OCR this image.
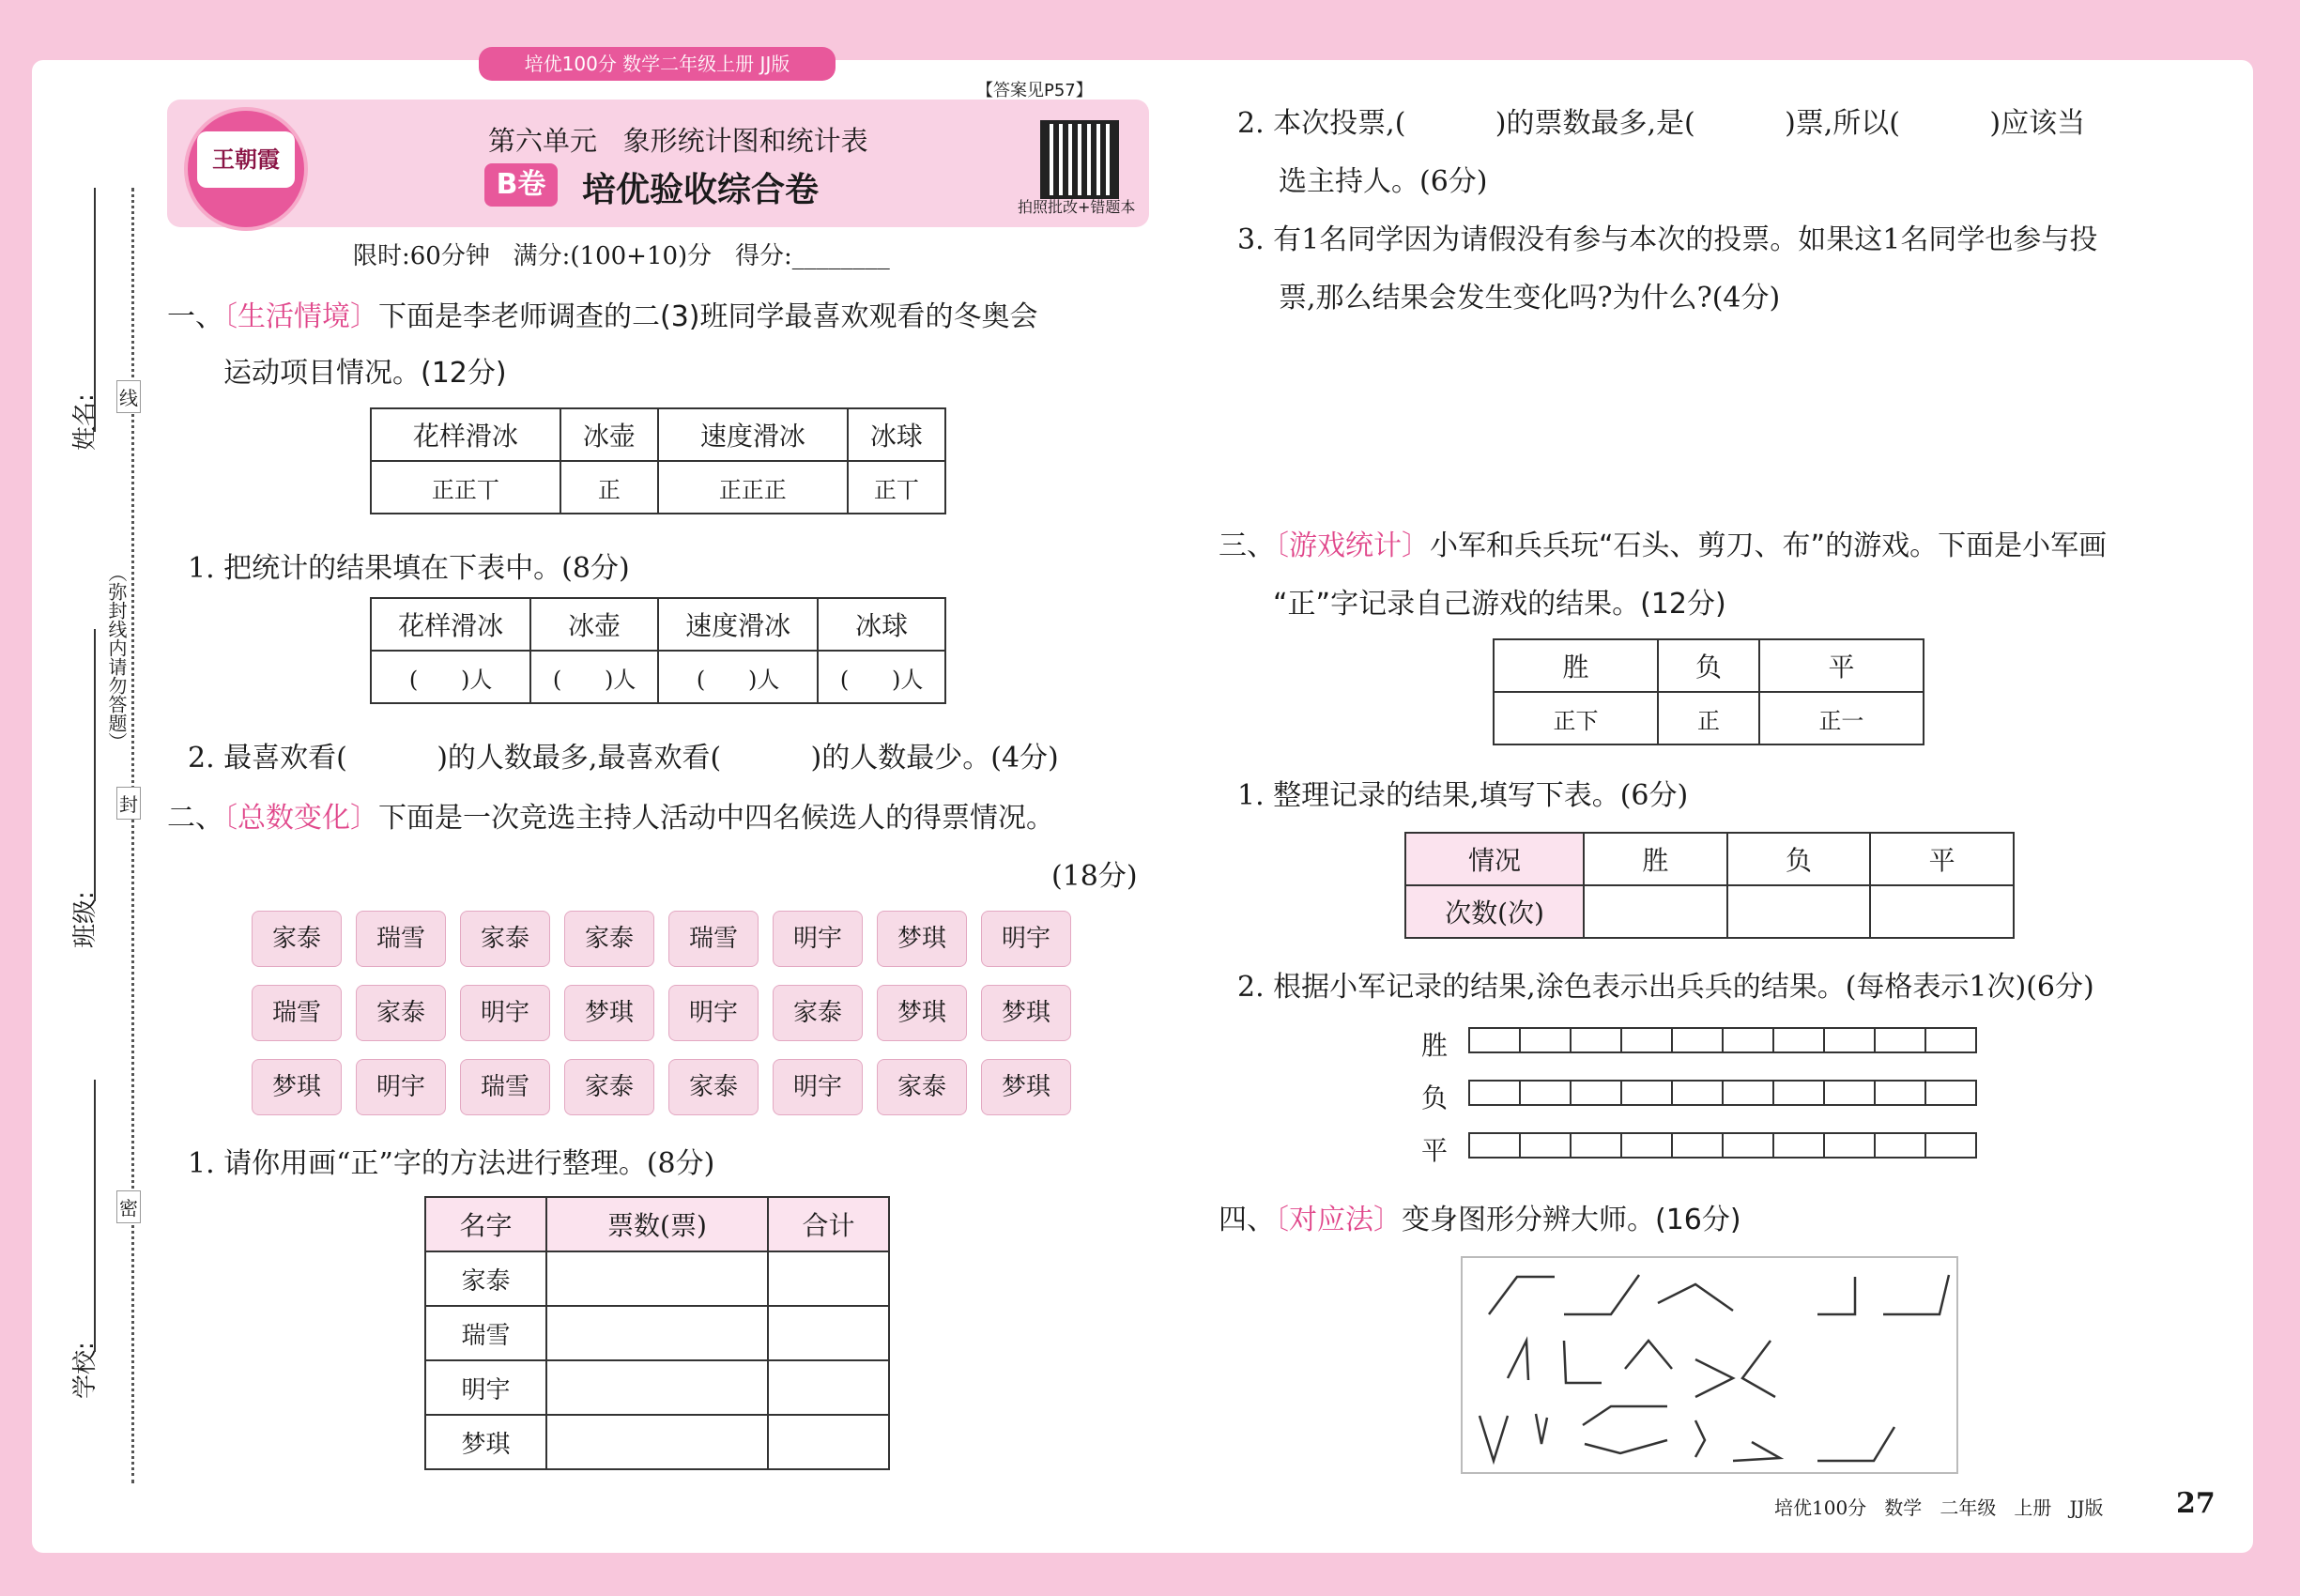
培优100分 数学二年级上册 JJ版
姓名:
班级:
学校:
（弥封线内请勿答题）
线
封
密
王朝霞
【答案见P57】
第六单元   象形统计图和统计表
B卷	培优验收综合卷	拍照批改+错题本
限时:60分钟   满分:(100+10)分   得分:________
一、〔生活情境〕下面是李老师调查的二(3)班同学最喜欢观看的冬奥会
运动项目情况。(12分)
花样滑冰	冰壶	速度滑冰	冰球
正正丅	正	正正正	正丅
1. 把统计的结果填在下表中。(8分)
花样滑冰	冰壶	速度滑冰	冰球
(      )人	(      )人	(      )人	(      )人
2. 最喜欢看(          )的人数最多,最喜欢看(          )的人数最少。(4分)
二、〔总数变化〕下面是一次竞选主持人活动中四名候选人的得票情况。
(18分)
家泰	瑞雪	家泰	家泰	瑞雪	明宇	梦琪	明宇
瑞雪	家泰	明宇	梦琪	明宇	家泰	梦琪	梦琪
梦琪	明宇	瑞雪	家泰	家泰	明宇	家泰	梦琪
1. 请你用画“正”字的方法进行整理。(8分)
名字	票数(票)	合计
家泰		
瑞雪		
明宇		
梦琪		
2. 本次投票,(          )的票数最多,是(          )票,所以(          )应该当
选主持人。(6分)
3. 有1名同学因为请假没有参与本次的投票。如果这1名同学也参与投
票,那么结果会发生变化吗?为什么?(4分)
三、〔游戏统计〕小军和兵兵玩“石头、剪刀、布”的游戏。下面是小军画
“正”字记录自己游戏的结果。(12分)
胜	负	平
正下	正	正一
1. 整理记录的结果,填写下表。(6分)
情况	胜	负	平
次数(次)			
2. 根据小军记录的结果,涂色表示出兵兵的结果。(每格表示1次)(6分)
胜
负
平
四、〔对应法〕变身图形分辨大师。(16分)
培优100分   数学   二年级   上册   JJ版	27
